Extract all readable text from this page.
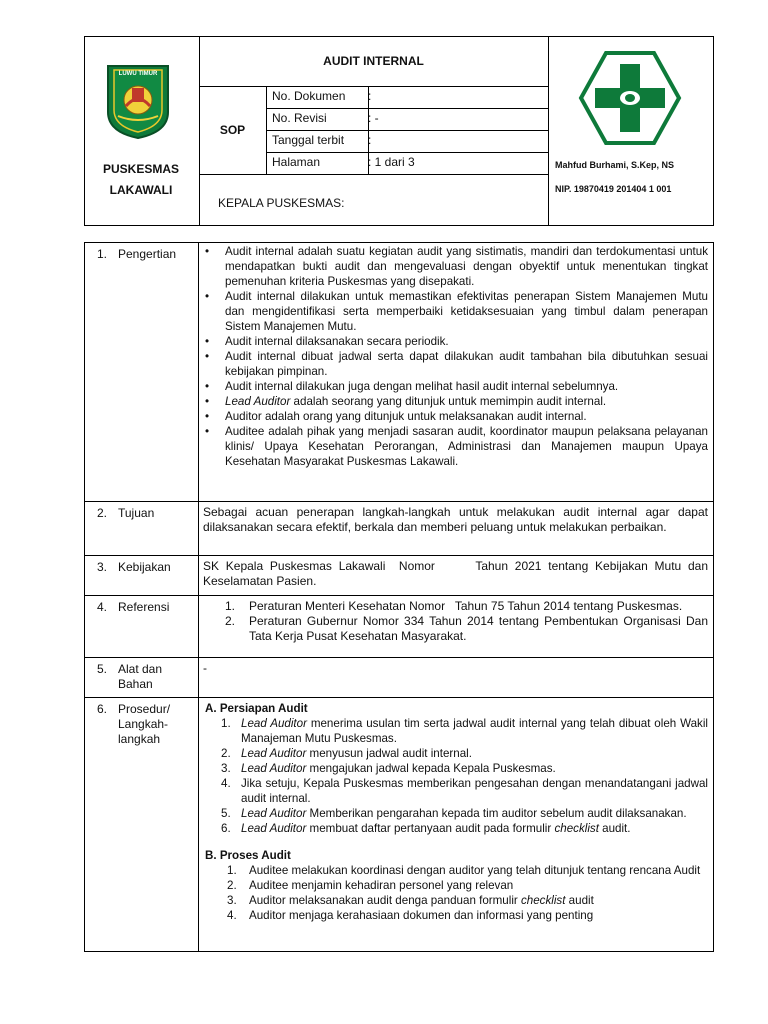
LUWU TIMUR
PUSKESMAS
LAKAWALI
AUDIT INTERNAL
SOP
No. Dokumen :
No. Revisi	: -
Tanggal terbit :
Halaman	: 1 dari 3
KEPALA PUSKESMAS:
Mahfud Burhami, S.Kep, NS
NIP. 19870419 201404 1 001
1. Pengertian
•	Audit internal adalah suatu kegiatan audit yang sistimatis, mandiri dan terdokumentasi untuk mendapatkan bukti audit dan mengevaluasi dengan obyektif untuk menentukan tingkat pemenuhan kriteria Puskesmas yang disepakati.
• Audit internal dilakukan untuk memastikan efektivitas penerapan Sistem Manajemen Mutu dan mengidentifikasi serta memperbaiki ketidaksesuaian yang timbul dalam penerapan Sistem Manajemen Mutu.
• Audit internal dilaksanakan secara periodik.
• Audit internal dibuat jadwal serta dapat dilakukan audit tambahan bila dibutuhkan sesuai kebijakan pimpinan.
• Audit internal dilakukan juga dengan melihat hasil audit internal sebelumnya.
• Lead Auditor adalah seorang yang ditunjuk untuk memimpin audit internal.
• Auditor adalah orang yang ditunjuk untuk melaksanakan audit internal.
• Auditee adalah pihak yang menjadi sasaran audit, koordinator maupun pelaksana pelayanan klinis/ Upaya Kesehatan Perorangan, Administrasi dan Manajemen maupun Upaya Kesehatan Masyarakat Puskesmas Lakawali.
2. Tujuan	Sebagai acuan penerapan langkah-langkah untuk melakukan audit internal agar dapat dilaksanakan secara efektif, berkala dan memberi peluang untuk melakukan perbaikan.
3. Kebijakan	SK Kepala Puskesmas Lakawali  Nomor      Tahun 2021 tentang Kebijakan Mutu dan Keselamatan Pasien.
4. Referensi	1. Peraturan Menteri Kesehatan Nomor   Tahun 75 Tahun 2014 tentang Puskesmas.
2. Peraturan Gubernur Nomor 334 Tahun 2014 tentang Pembentukan Organisasi Dan Tata Kerja Pusat Kesehatan Masyarakat.
5. Alat dan
Bahan
-
6. Prosedur/
Langkah-
langkah
A. Persiapan Audit
1. Lead Auditor menerima usulan tim serta jadwal audit internal yang telah dibuat oleh Wakil Manajeman Mutu Puskesmas.
2. Lead Auditor menyusun jadwal audit internal.
3. Lead Auditor mengajukan jadwal kepada Kepala Puskesmas.
4. Jika setuju, Kepala Puskesmas memberikan pengesahan dengan menandatangani jadwal audit internal.
5. Lead Auditor Memberikan pengarahan kepada tim auditor sebelum audit dilaksanakan.
6. Lead Auditor membuat daftar pertanyaan audit pada formulir checklist audit.
B. Proses Audit
1. Auditee melakukan koordinasi dengan auditor yang telah ditunjuk tentang rencana Audit
2. Auditee menjamin kehadiran personel yang relevan
3. Auditor melaksanakan audit denga panduan formulir checklist audit
4. Auditor menjaga kerahasiaan dokumen dan informasi yang penting
